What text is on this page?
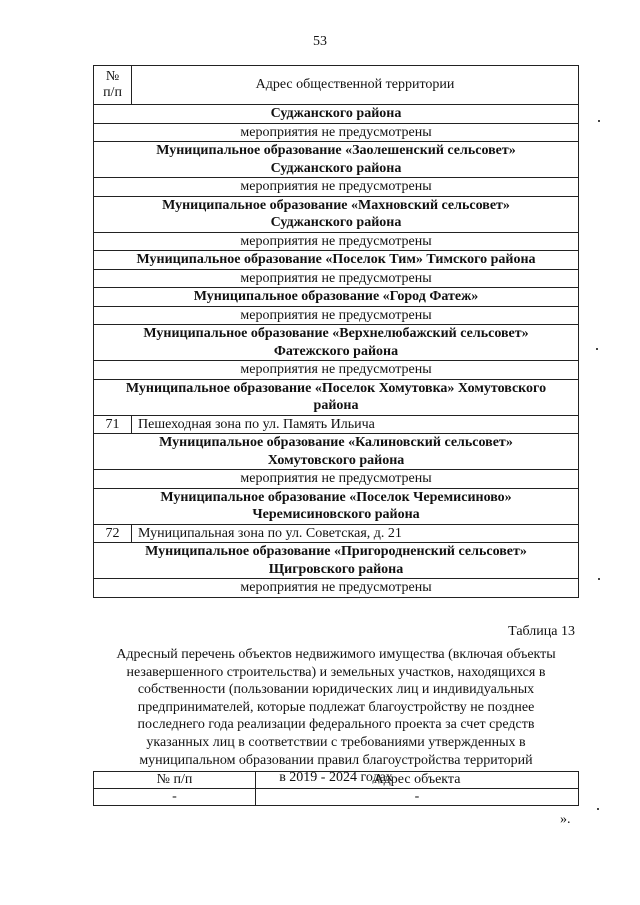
53
№
п/п	Адрес общественной территории
Суджанского района	
мероприятия не предусмотрены	
Муниципальное образование «Заолешенский сельсовет»
Суджанского района	
мероприятия не предусмотрены	
Муниципальное образование «Махновский сельсовет»
Суджанского района	
мероприятия не предусмотрены	
Муниципальное образование «Поселок Тим» Тимского района	
мероприятия не предусмотрены	
Муниципальное образование «Город Фатеж»	
мероприятия не предусмотрены	
Муниципальное образование «Верхнелюбажский сельсовет»
Фатежского района	
мероприятия не предусмотрены	
Муниципальное образование «Поселок Хомутовка» Хомутовского
района	
71	Пешеходная зона по ул. Память Ильича
Муниципальное образование «Калиновский сельсовет»
Хомутовского района	
мероприятия не предусмотрены	
Муниципальное образование «Поселок Черемисиново»
Черемисиновского района	
72	Муниципальная зона по ул. Советская, д. 21
Муниципальное образование «Пригородненский сельсовет»
Щигровского района	
мероприятия не предусмотрены	
Таблица 13
Адресный перечень объектов недвижимого имущества (включая объекты
незавершенного строительства) и земельных участков, находящихся в
собственности (пользовании юридических лиц и индивидуальных
предпринимателей, которые подлежат благоустройству не позднее
последнего года реализации федерального проекта за счет средств
указанных лиц в соответствии с требованиями утвержденных в
муниципальном образовании правил благоустройства территорий
в 2019 - 2024 годах
№ п/п	Адрес объекта
-	-
».
